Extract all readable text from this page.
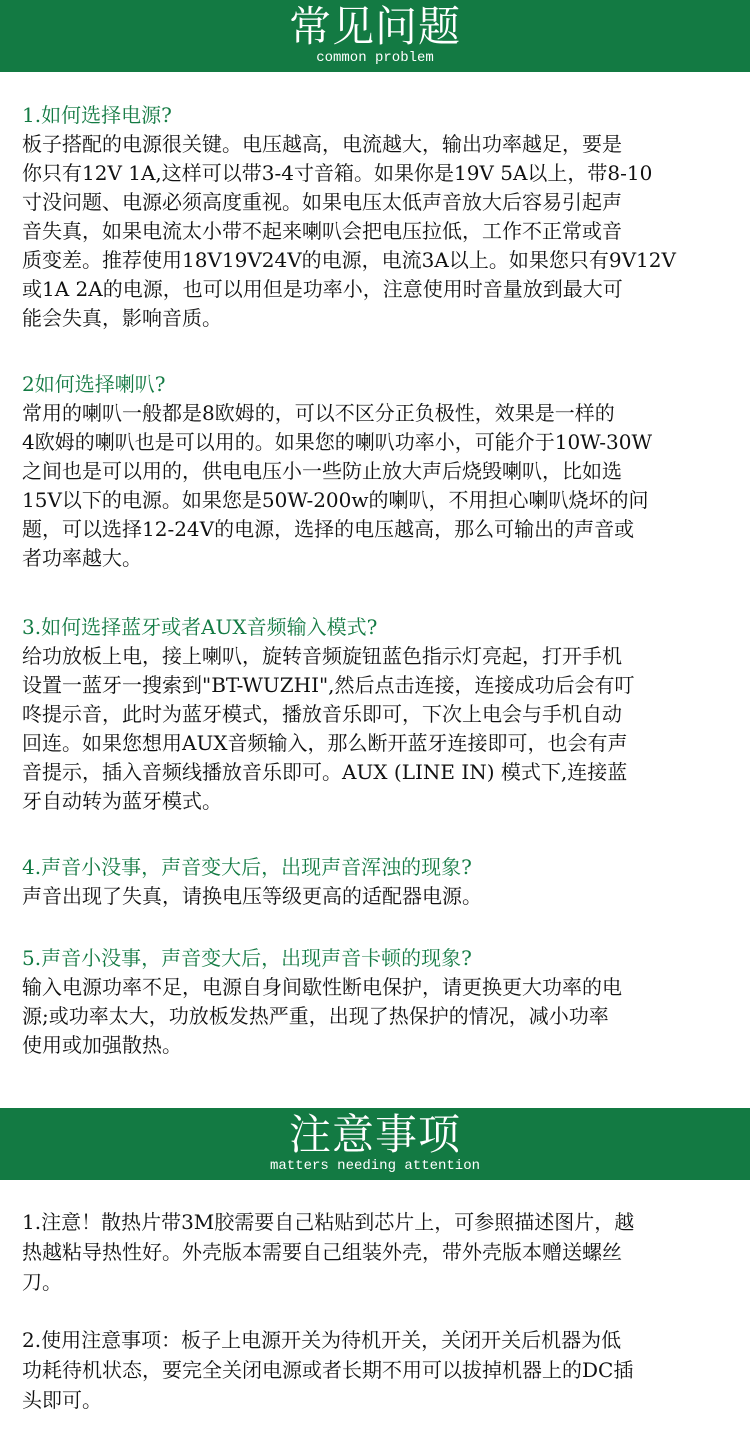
常见问题
common problem

1.如何选择电源?

板子搭配的电源很关键。电压越高，电流越大，输出功率越足，要是
你只有12V 1A,这样可以带3-4寸音箱。如果你是19V 5A以上，带8-10
寸没问题、电源必须高度重视。如果电压太低声音放大后容易引起声
音失真，如果电流太小带不起来喇叭会把电压拉低，工作不正常或音
质变差。推荐使用18V19V24V的电源，电流3A以上。如果您只有9V12V
或1A 2A的电源，也可以用但是功率小，注意使用时音量放到最大可
能会失真，影响音质。

2如何选择喇叭?

常用的喇叭一般都是8欧姆的，可以不区分正负极性，效果是一样的
4欧姆的喇叭也是可以用的。如果您的喇叭功率小，可能介于10W-30W
之间也是可以用的，供电电压小一些防止放大声后烧毁喇叭，比如选
15V以下的电源。如果您是50W-200w的喇叭，不用担心喇叭烧坏的问
题，可以选择12-24V的电源，选择的电压越高，那么可输出的声音或
者功率越大。

3.如何选择蓝牙或者AUX音频输入模式?

给功放板上电，接上喇叭，旋转音频旋钮蓝色指示灯亮起，打开手机
设置一蓝牙一搜索到"BT-WUZHI",然后点击连接，连接成功后会有叮
咚提示音，此时为蓝牙模式，播放音乐即可，下次上电会与手机自动
回连。如果您想用AUX音频输入，那么断开蓝牙连接即可，也会有声
音提示，插入音频线播放音乐即可。AUX (LINE IN) 模式下,连接蓝
牙自动转为蓝牙模式。

4.声音小没事，声音变大后，出现声音浑浊的现象?

声音出现了失真，请换电压等级更高的适配器电源。

5.声音小没事，声音变大后，出现声音卡顿的现象?

输入电源功率不足，电源自身间歇性断电保护，请更换更大功率的电
源;或功率太大，功放板发热严重，出现了热保护的情况，减小功率
使用或加强散热。

注意事项
matters needing attention
1.注意！散热片带3M胶需要自己粘贴到芯片上，可参照描述图片，越
热越粘导热性好。外壳版本需要自己组装外壳，带外壳版本赠送螺丝
刀。
2.使用注意事项：板子上电源开关为待机开关，关闭开关后机器为低
功耗待机状态，要完全关闭电源或者长期不用可以拔掉机器上的DC插
头即可。
